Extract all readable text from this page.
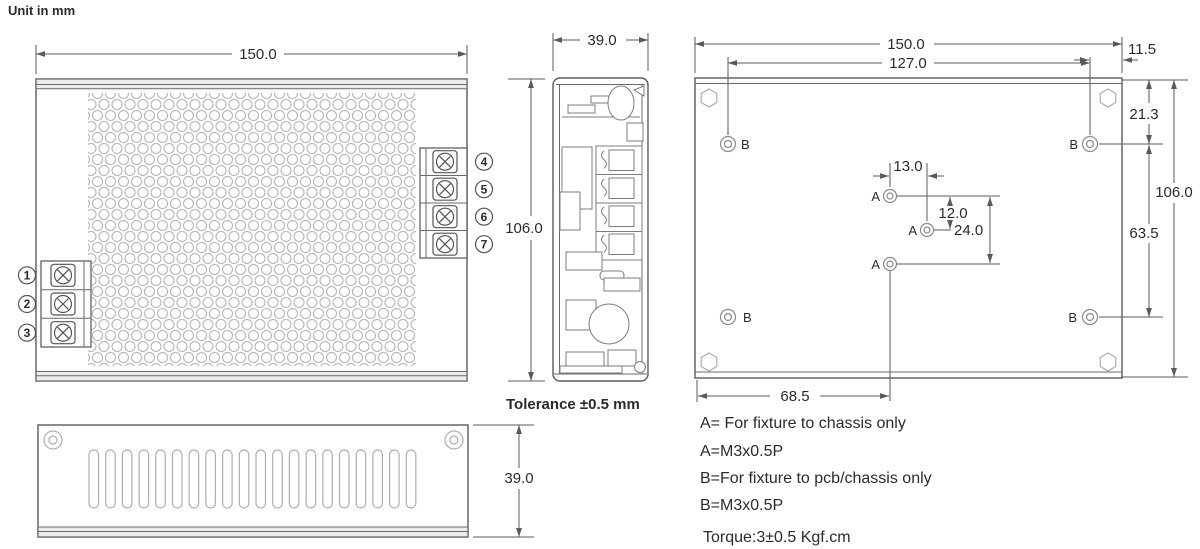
Unit in mm
1
2
3
4
5
6
7
150.0
106.0
39.0
Tolerance ±0.5 mm
39.0
B	B
B	B
A
A
A
150.0
127.0
11.5
21.3
106.0
63.5
13.0
12.0
24.0
68.5
A= For fixture to chassis only
A=M3x0.5P
B=For fixture to pcb/chassis only
B=M3x0.5P
Torque:3±0.5 Kgf.cm
